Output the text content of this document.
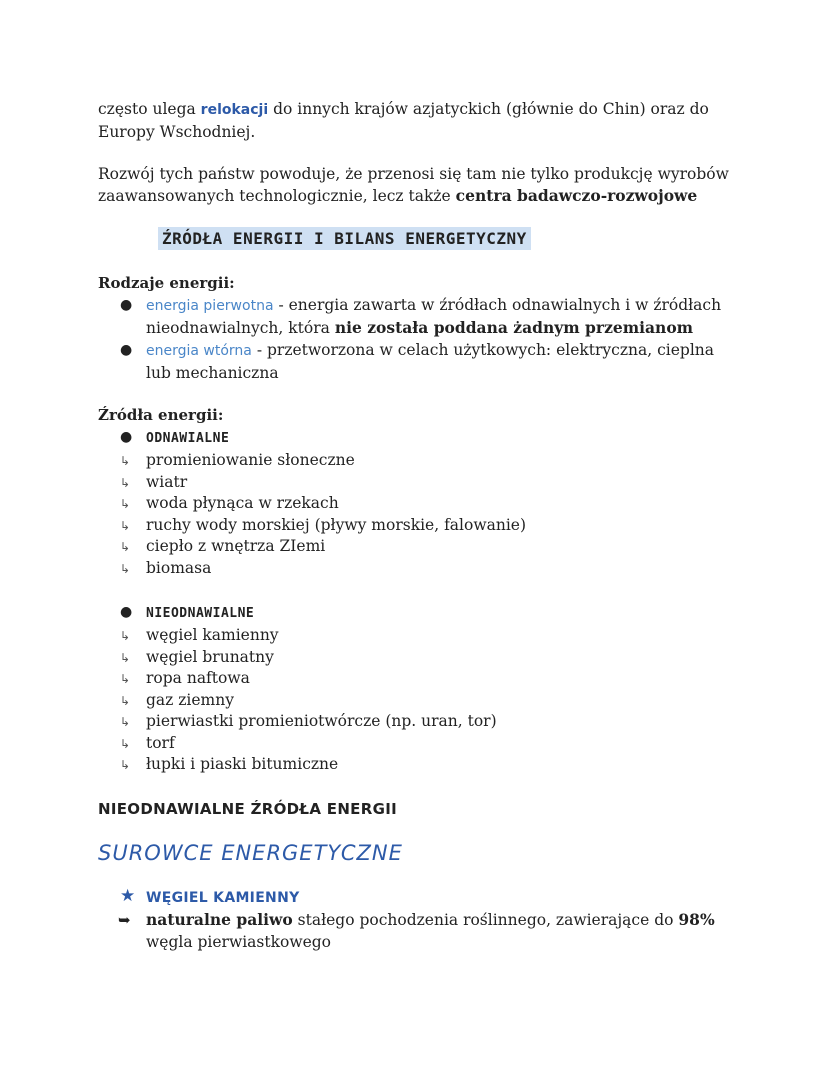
często ulega relokacji do innych krajów azjatyckich (głównie do Chin) oraz do Europy Wschodniej.

Rozwój tych państw powoduje, że przenosi się tam nie tylko produkcję wyrobów zaawansowanych technologicznie, lecz także centra badawczo-rozwojowe

ŹRÓDŁA ENERGII I BILANS ENERGETYCZNY

Rodzaje energii:

● energia pierwotna - energia zawarta w źródłach odnawialnych i w źródłach nieodnawialnych, która nie została poddana żadnym przemianom
● energia wtórna - przetworzona w celach użytkowych: elektryczna, cieplna lub mechaniczna

Źródła energii:

● ODNAWIALNE
↳ promieniowanie słoneczne
↳ wiatr
↳ woda płynąca w rzekach
↳ ruchy wody morskiej (pływy morskie, falowanie)
↳ ciepło z wnętrza ZIemi
↳ biomasa
● NIEODNAWIALNE
↳ węgiel kamienny
↳ węgiel brunatny
↳ ropa naftowa
↳ gaz ziemny
↳ pierwiastki promieniotwórcze (np. uran, tor)
↳ torf
↳ łupki i piaski bitumiczne

NIEODNAWIALNE ŹRÓDŁA ENERGII

SUROWCE ENERGETYCZNE

★ WĘGIEL KAMIENNY
➥ naturalne paliwo stałego pochodzenia roślinnego, zawierające do 98% węgla pierwiastkowego
